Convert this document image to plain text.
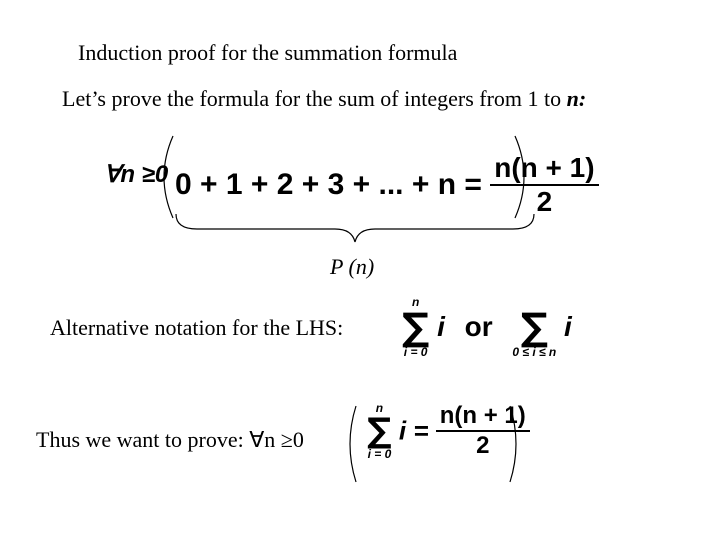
Induction proof for the summation formula
Let’s prove the formula for the sum of integers from 1 to n:
∀n ≥0 0 + 1 + 2 + 3 + ... + $n = \frac{n(n + 1)}{2}$
P (n)
Alternative notation for the LHS:
n
∑
i = 0
i or
∑
0 ≤ i ≤ n
i
Thus we want to prove: ∀n ≥0

n
∑
i = 0
$i = \frac{n(n + 1)}{2}$
